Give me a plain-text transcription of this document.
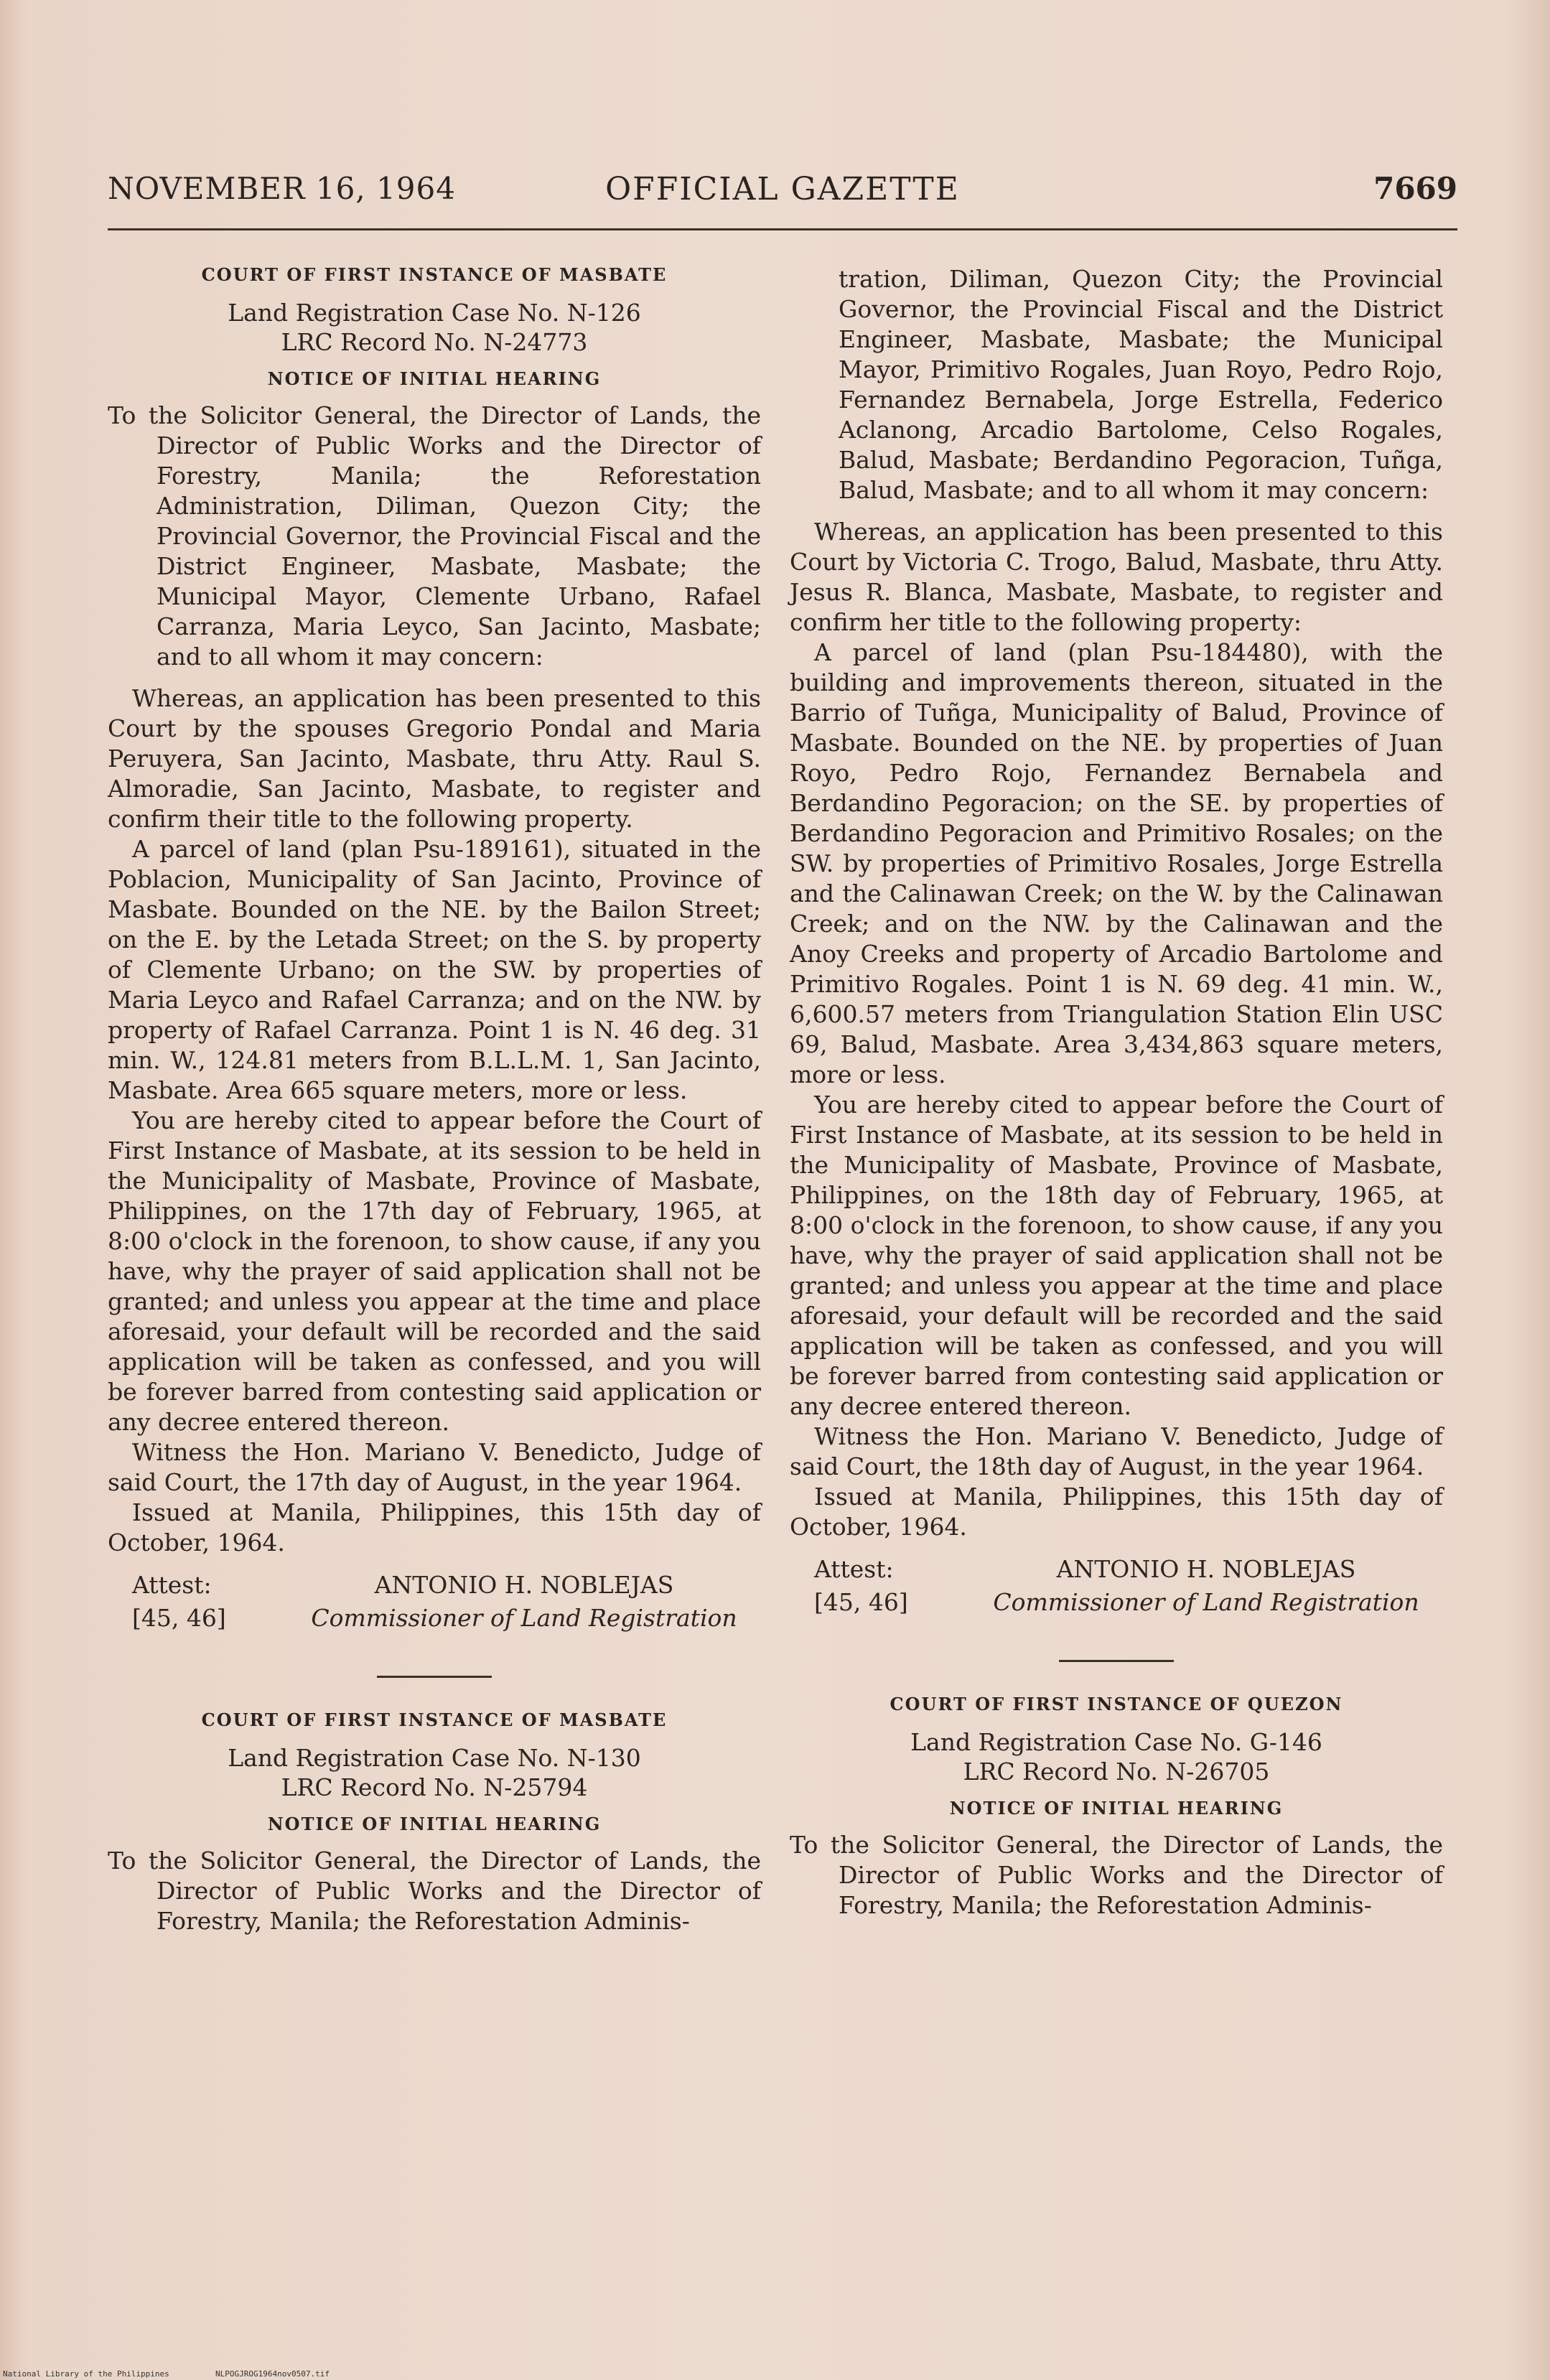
NOVEMBER 16, 1964	OFFICIAL GAZETTE	7669
COURT OF FIRST INSTANCE OF MASBATE
Land Registration Case No. N-126
LRC Record No. N-24773
NOTICE OF INITIAL HEARING

To the Solicitor General, the Director of Lands, the Director of Public Works and the Director of Forestry, Manila; the Reforestation Administration, Diliman, Quezon City; the Provincial Governor, the Provincial Fiscal and the District Engineer, Masbate, Masbate; the Municipal Mayor, Clemente Urbano, Rafael Carranza, Maria Leyco, San Jacinto, Masbate; and to all whom it may concern:

Whereas, an application has been presented to this Court by the spouses Gregorio Pondal and Maria Peruyera, San Jacinto, Masbate, thru Atty. Raul S. Almoradie, San Jacinto, Masbate, to register and confirm their title to the following property.

A parcel of land (plan Psu-189161), situated in the Poblacion, Municipality of San Jacinto, Province of Masbate. Bounded on the NE. by the Bailon Street; on the E. by the Letada Street; on the S. by property of Clemente Urbano; on the SW. by properties of Maria Leyco and Rafael Carranza; and on the NW. by property of Rafael Carranza. Point 1 is N. 46 deg. 31 min. W., 124.81 meters from B.L.L.M. 1, San Jacinto, Masbate. Area 665 square meters, more or less.

You are hereby cited to appear before the Court of First Instance of Masbate, at its session to be held in the Municipality of Masbate, Province of Masbate, Philippines, on the 17th day of February, 1965, at 8:00 o'clock in the forenoon, to show cause, if any you have, why the prayer of said application shall not be granted; and unless you appear at the time and place aforesaid, your default will be recorded and the said application will be taken as confessed, and you will be forever barred from contesting said application or any decree entered thereon.

Witness the Hon. Mariano V. Benedicto, Judge of said Court, the 17th day of August, in the year 1964.

Issued at Manila, Philippines, this 15th day of October, 1964.

Attest:
[45, 46]
ANTONIO H. NOBLEJAS
Commissioner of Land Registration
COURT OF FIRST INSTANCE OF MASBATE
Land Registration Case No. N-130
LRC Record No. N-25794
NOTICE OF INITIAL HEARING

To the Solicitor General, the Director of Lands, the Director of Public Works and the Director of Forestry, Manila; the Reforestation Adminis-

tration, Diliman, Quezon City; the Provincial Governor, the Provincial Fiscal and the District Engineer, Masbate, Masbate; the Municipal Mayor, Primitivo Rogales, Juan Royo, Pedro Rojo, Fernandez Bernabela, Jorge Estrella, Federico Aclanong, Arcadio Bartolome, Celso Rogales, Balud, Masbate; Berdandino Pegoracion, Tuñga, Balud, Masbate; and to all whom it may concern:

Whereas, an application has been presented to this Court by Victoria C. Trogo, Balud, Masbate, thru Atty. Jesus R. Blanca, Masbate, Masbate, to register and confirm her title to the following property:

A parcel of land (plan Psu-184480), with the building and improvements thereon, situated in the Barrio of Tuñga, Municipality of Balud, Province of Masbate. Bounded on the NE. by properties of Juan Royo, Pedro Rojo, Fernandez Bernabela and Berdandino Pegoracion; on the SE. by properties of Berdandino Pegoracion and Primitivo Rosales; on the SW. by properties of Primitivo Rosales, Jorge Estrella and the Calinawan Creek; on the W. by the Calinawan Creek; and on the NW. by the Calinawan and the Anoy Creeks and property of Arcadio Bartolome and Primitivo Rogales. Point 1 is N. 69 deg. 41 min. W., 6,600.57 meters from Triangulation Station Elin USC 69, Balud, Masbate. Area 3,434,863 square meters, more or less.

You are hereby cited to appear before the Court of First Instance of Masbate, at its session to be held in the Municipality of Masbate, Province of Masbate, Philippines, on the 18th day of February, 1965, at 8:00 o'clock in the forenoon, to show cause, if any you have, why the prayer of said application shall not be granted; and unless you appear at the time and place aforesaid, your default will be recorded and the said application will be taken as confessed, and you will be forever barred from contesting said application or any decree entered thereon.

Witness the Hon. Mariano V. Benedicto, Judge of said Court, the 18th day of August, in the year 1964.

Issued at Manila, Philippines, this 15th day of October, 1964.

Attest:
[45, 46]
ANTONIO H. NOBLEJAS
Commissioner of Land Registration
COURT OF FIRST INSTANCE OF QUEZON
Land Registration Case No. G-146
LRC Record No. N-26705
NOTICE OF INITIAL HEARING

To the Solicitor General, the Director of Lands, the Director of Public Works and the Director of Forestry, Manila; the Reforestation Adminis-

National Library of the Philippines	NLPOGJROG1964nov0507.tif
